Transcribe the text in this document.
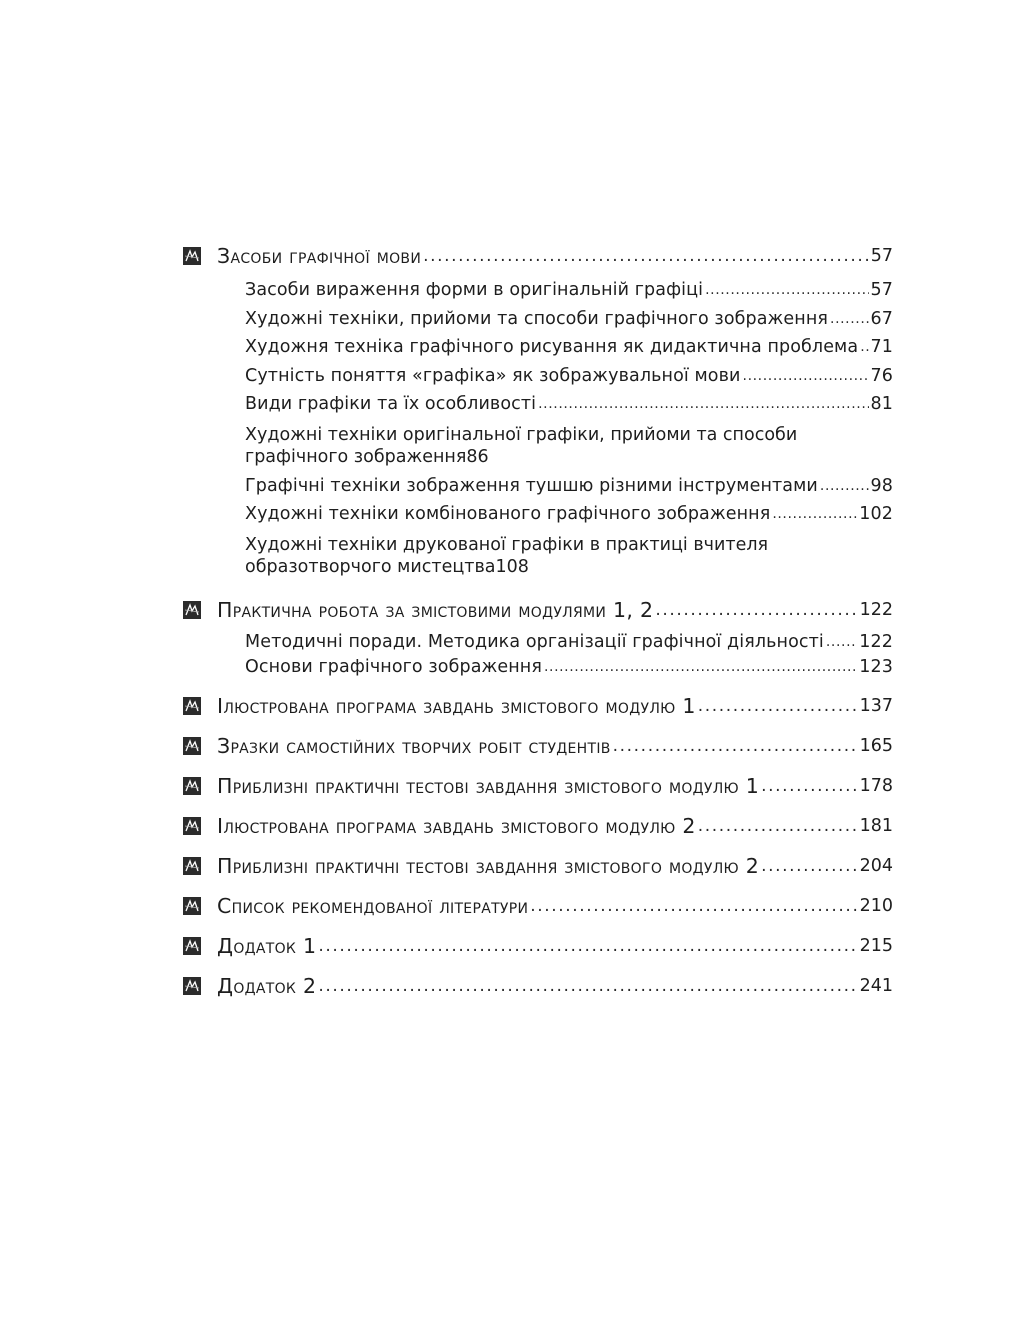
Засоби графічної мови .....	57
Засоби вираження форми в оригінальній графіці .....	57
Художні техніки, прийоми та способи графічного зображення ..... 67
Художня техніка графічного рисування як дидактична проблема ..... 71
Сутність поняття «графіка» як зображувальної мови .....	76
Види графіки та їх особливості .....	81
Художні техніки оригінальної графіки, прийоми та способи
графічного зображення 86
Графічні техніки зображення тушшю різними інструментами .....	98
Художні техніки комбінованого графічного зображення .....	102
Художні техніки друкованої графіки в практиці вчителя
образотворчого мистецтва 108
Практична робота за змістовими модулями 1, 2 .....	122
Методичні поради. Методика організації графічної діяльності ..... 122
Основи графічного зображення .....	123
Ілюстрована програма завдань змістового модулю 1 .....	137
Зразки самостійних творчих робіт студентів .....	165
Приблизні практичні тестові завдання змістового модулю 1 .....	178
Ілюстрована програма завдань змістового модулю 2 .....	181
Приблизні практичні тестові завдання змістового модулю 2 .....	204
Список рекомендованої літератури .....	210
Додаток 1 .....	215
Додаток 2 .....	241
